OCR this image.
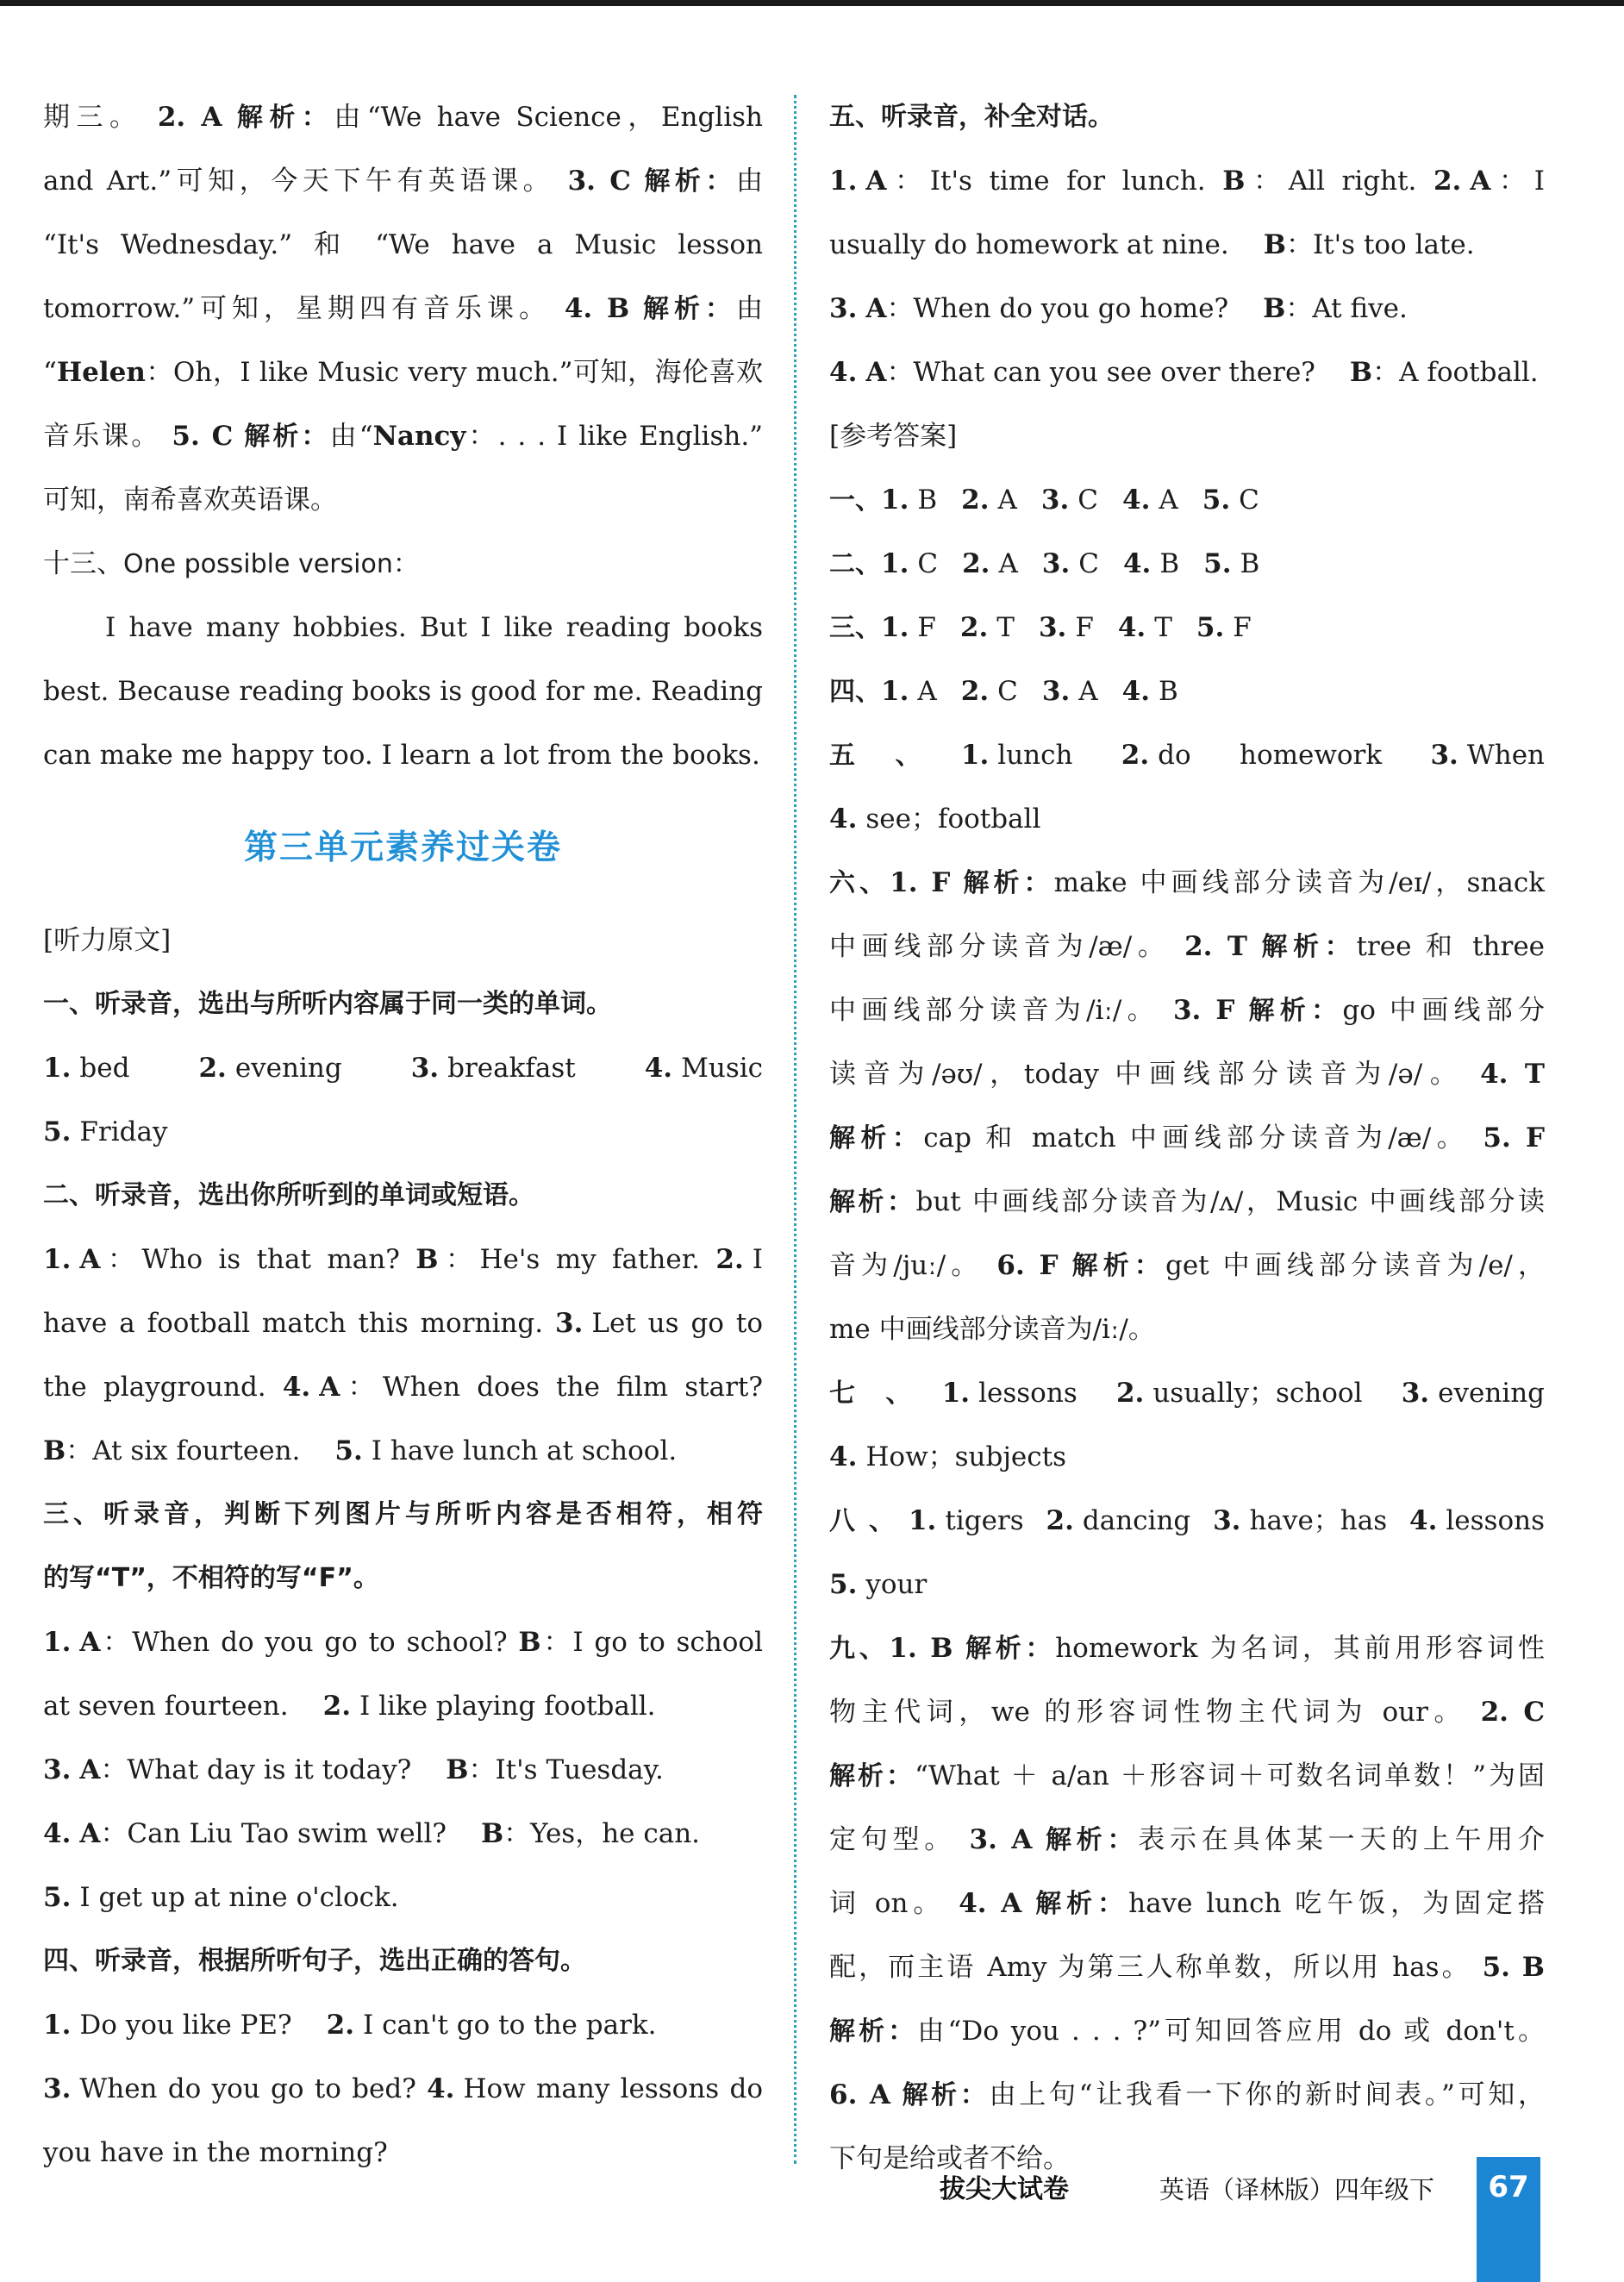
期三。 2. A 解析：由“We have Science，English
and Art.”可知，今天下午有英语课。 3. C 解析：由
“It's Wednesday.” 和 “We have a Music lesson
tomorrow.”可知，星期四有音乐课。 4. B 解析：由
“Helen：Oh，I like Music very much.”可知，海伦喜欢
音乐课。 5. C 解析：由“Nancy：. . . I like English.”
可知，南希喜欢英语课。
十三、One possible version：
I have many hobbies. But I like reading books
best. Because reading books is good for me. Reading
can make me happy too. I learn a lot from the books.
第三单元素养过关卷
[听力原文]
一、听录音，选出与所听内容属于同一类的单词。
1. bed	2. evening	3. breakfast	4. Music
5. Friday
二、听录音，选出你所听到的单词或短语。
1. A：Who is that man? B：He's my father. 2. I
have a football match this morning. 3. Let us go to
the playground. 4. A：When does the film start?
B：At six fourteen. 5. I have lunch at school.
三、听录音，判断下列图片与所听内容是否相符，相符
的写“T”，不相符的写“F”。
1. A：When do you go to school? B：I go to school
at seven fourteen. 2. I like playing football.
3. A：What day is it today? B：It's Tuesday.
4. A：Can Liu Tao swim well? B：Yes，he can.
5. I get up at nine o'clock.
四、听录音，根据所听句子，选出正确的答句。
1. Do you like PE? 2. I can't go to the park.
3. When do you go to bed? 4. How many lessons do
you have in the morning?
五、听录音，补全对话。
1. A：It's time for lunch. B：All right. 2. A：I
usually do homework at nine. B：It's too late.
3. A：When do you go home? B：At five.
4. A：What can you see over there? B：A football.
[参考答案]
一、1. B 2. A 3. C 4. A 5. C
二、1. C 2. A 3. C 4. B 5. B
三、1. F 2. T 3. F 4. T 5. F
四、1. A 2. C 3. A 4. B
五、1. lunch 2. do homework 3. When
4. see；football
六、1. F 解析：make 中画线部分读音为/eɪ/，snack
中画线部分读音为/æ/。 2. T 解析：tree 和 three
中画线部分读音为/iː/。 3. F 解析：go 中画线部分
读音为/əʊ/，today 中画线部分读音为/ə/。 4. T
解析：cap 和 match 中画线部分读音为/æ/。 5. F
解析：but 中画线部分读音为/ʌ/，Music 中画线部分读
音为/juː/。 6. F 解析：get 中画线部分读音为/e/，
me 中画线部分读音为/iː/。
七、1. lessons 2. usually；school 3. evening
4. How；subjects
八、1. tigers 2. dancing 3. have；has 4. lessons
5. your
九、1. B 解析：homework 为名词，其前用形容词性
物主代词，we 的形容词性物主代词为 our。 2. C
解析：“What ＋ a/an ＋形容词＋可数名词单数！”为固
定句型。 3. A 解析：表示在具体某一天的上午用介
词 on。 4. A 解析：have lunch 吃午饭，为固定搭
配，而主语 Amy 为第三人称单数，所以用 has。 5. B
解析：由“Do you . . . ?”可知回答应用 do 或 don't。
6. A 解析：由上句“让我看一下你的新时间表。”可知，
下句是给或者不给。
拔尖大试卷	英语（译林版）四年级下	67
